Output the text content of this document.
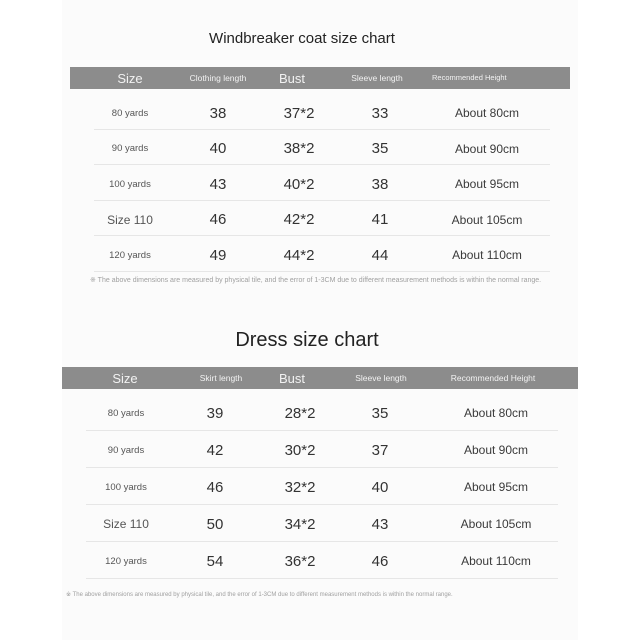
Windbreaker coat size chart
Size	Clothing length	Bust	Sleeve length	Recommended Height
80 yards	38	37*2	33	About 80cm
90 yards	40	38*2	35	About 90cm
100 yards	43	40*2	38	About 95cm
Size 110	46	42*2	41	About 105cm
120 yards	49	44*2	44	About 110cm
※ The above dimensions are measured by physical tile, and the error of 1-3CM due to different measurement methods is within the normal range.
Dress size chart
Size	Skirt length	Bust	Sleeve length	Recommended Height
80 yards	39	28*2	35	About 80cm
90 yards	42	30*2	37	About 90cm
100 yards	46	32*2	40	About 95cm
Size 110	50	34*2	43	About 105cm
120 yards	54	36*2	46	About 110cm
※ The above dimensions are measured by physical tile, and the error of 1-3CM due to different measurement methods is within the normal range.
